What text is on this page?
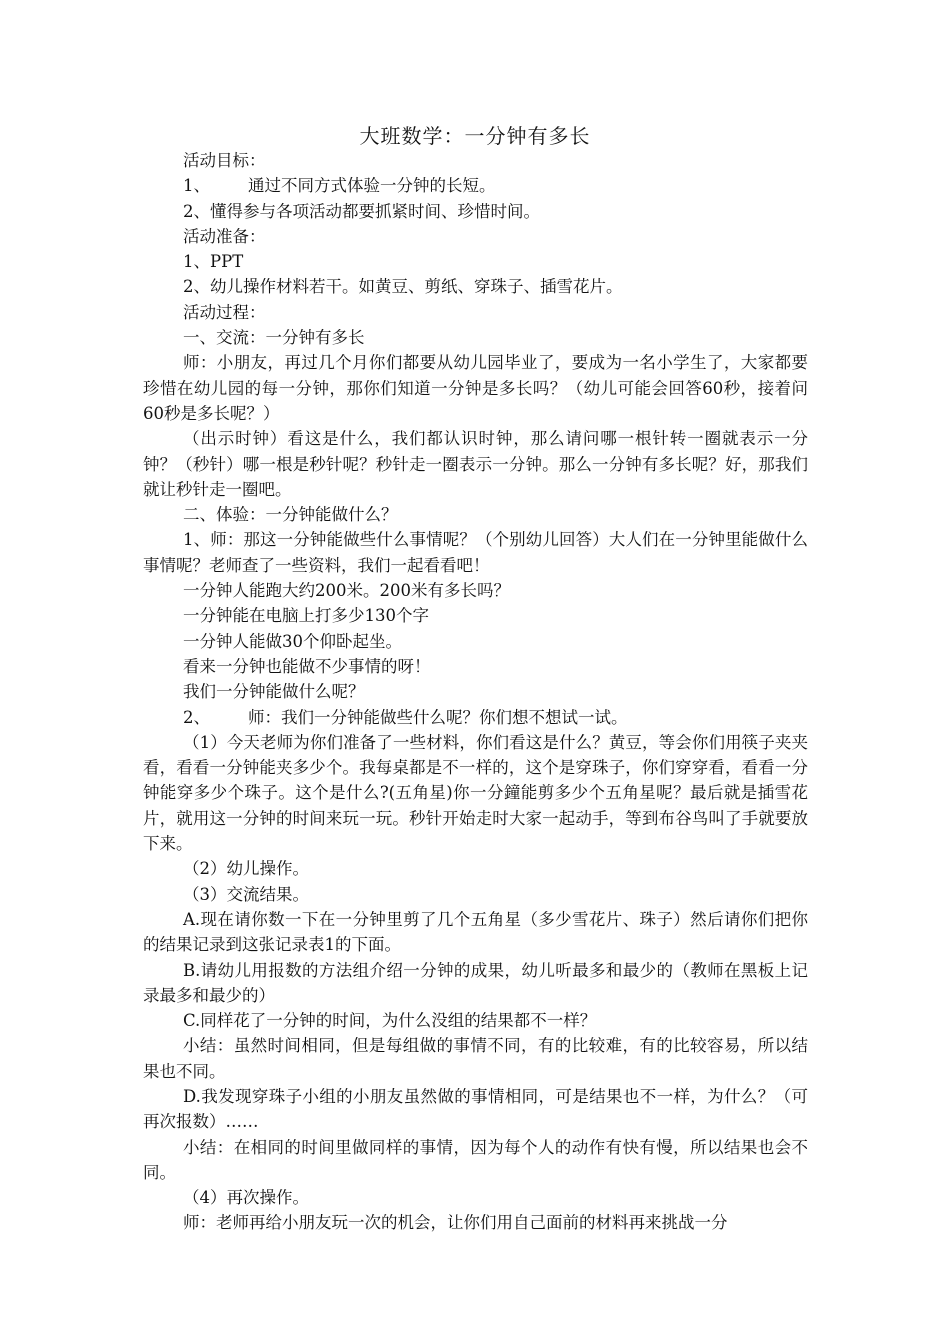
大班数学：一分钟有多长

活动目标：

1、 通过不同方式体验一分钟的长短。

2、懂得参与各项活动都要抓紧时间、珍惜时间。

活动准备：

1、PPT

2、幼儿操作材料若干。如黄豆、剪纸、穿珠子、插雪花片。

活动过程：

一、交流：一分钟有多长

师：小朋友，再过几个月你们都要从幼儿园毕业了，要成为一名小学生了，大家都要珍惜在幼儿园的每一分钟，那你们知道一分钟是多长吗？（幼儿可能会回答60秒，接着问60秒是多长呢？）

（出示时钟）看这是什么，我们都认识时钟，那么请问哪一根针转一圈就表示一分钟？（秒针）哪一根是秒针呢？秒针走一圈表示一分钟。那么一分钟有多长呢？好，那我们就让秒针走一圈吧。

二、体验：一分钟能做什么？

1、师：那这一分钟能做些什么事情呢？（个别幼儿回答）大人们在一分钟里能做什么事情呢？老师查了一些资料，我们一起看看吧！

一分钟人能跑大约200米。200米有多长吗？

一分钟能在电脑上打多少130个字

一分钟人能做30个仰卧起坐。

看来一分钟也能做不少事情的呀！

我们一分钟能做什么呢？

2、 师：我们一分钟能做些什么呢？你们想不想试一试。

（1）今天老师为你们准备了一些材料，你们看这是什么？黄豆，等会你们用筷子夹夹看，看看一分钟能夹多少个。我每桌都是不一样的，这个是穿珠子，你们穿穿看，看看一分钟能穿多少个珠子。这个是什么?(五角星)你一分鐘能剪多少个五角星呢？最后就是插雪花片，就用这一分钟的时间来玩一玩。秒针开始走时大家一起动手，等到布谷鸟叫了手就要放下来。

（2）幼儿操作。

（3）交流结果。

A.现在请你数一下在一分钟里剪了几个五角星（多少雪花片、珠子）然后请你们把你的结果记录到这张记录表1的下面。

B.请幼儿用报数的方法组介绍一分钟的成果，幼儿听最多和最少的（教师在黑板上记录最多和最少的）

C.同样花了一分钟的时间，为什么没组的结果都不一样？

小结：虽然时间相同，但是每组做的事情不同，有的比较难，有的比较容易，所以结果也不同。

D.我发现穿珠子小组的小朋友虽然做的事情相同，可是结果也不一样，为什么？（可再次报数）……

小结：在相同的时间里做同样的事情，因为每个人的动作有快有慢，所以结果也会不同。

（4）再次操作。

师：老师再给小朋友玩一次的机会，让你们用自己面前的材料再来挑战一分
